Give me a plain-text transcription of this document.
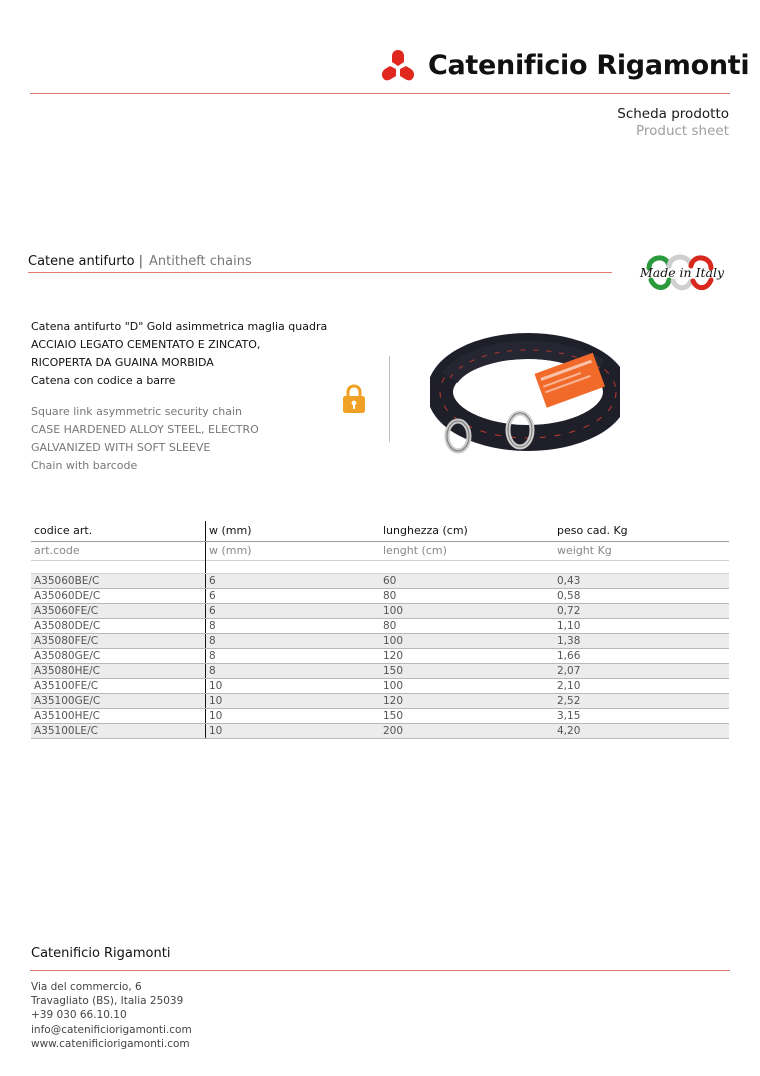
Catenificio Rigamonti
Scheda prodotto
Product sheet
Catene antifurto | Antitheft chains
Made in Italy
Catena antifurto "D" Gold asimmetrica maglia quadra
ACCIAIO LEGATO CEMENTATO E ZINCATO,
RICOPERTA DA GUAINA MORBIDA
Catena con codice a barre
Square link asymmetric security chain
CASE HARDENED ALLOY STEEL, ELECTRO
GALVANIZED WITH SOFT SLEEVE
Chain with barcode
codice art.	w (mm)	lunghezza (cm)	peso cad. Kg
art.code	w (mm)	lenght (cm)	weight Kg

A35060BE/C	6	60	0,43
A35060DE/C	6	80	0,58
A35060FE/C	6	100	0,72
A35080DE/C	8	80	1,10
A35080FE/C	8	100	1,38
A35080GE/C	8	120	1,66
A35080HE/C	8	150	2,07
A35100FE/C	10	100	2,10
A35100GE/C	10	120	2,52
A35100HE/C	10	150	3,15
A35100LE/C	10	200	4,20
Catenificio Rigamonti
Via del commercio, 6
Travagliato (BS), Italia 25039
+39 030 66.10.10
info@catenificiorigamonti.com
www.catenificiorigamonti.com
